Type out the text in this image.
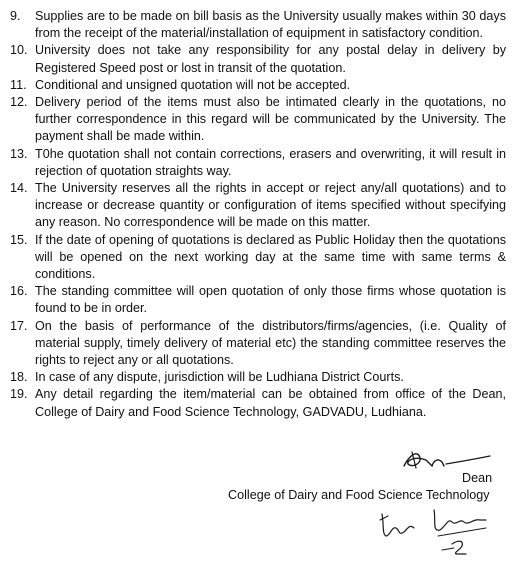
9.	Supplies are to be made on bill basis as the University usually makes within 30 days from the receipt of the material/installation of equipment in satisfactory condition.
10. University does not take any responsibility for any postal delay in delivery by Registered Speed post or lost in transit of the quotation.
11. Conditional and unsigned quotation will not be accepted.
12. Delivery period of the items must also be intimated clearly in the quotations, no further correspondence in this regard will be communicated by the University. The payment shall be made within.
13. T0he quotation shall not contain corrections, erasers and overwriting, it will result in rejection of quotation straights way.
14. The University reserves all the rights in accept or reject any/all quotations) and to increase or decrease quantity or configuration of items specified without specifying any reason. No correspondence will be made on this matter.
15. If the date of opening of quotations is declared as Public Holiday then the quotations will be opened on the next working day at the same time with same terms & conditions.
16. The standing committee will open quotation of only those firms whose quotation is found to be in order.
17. On the basis of performance of the distributors/firms/agencies, (i.e. Quality of material supply, timely delivery of material etc) the standing committee reserves the rights to reject any or all quotations.
18. In case of any dispute, jurisdiction will be Ludhiana District Courts.
19. Any detail regarding the item/material can be obtained from office of the Dean, College of Dairy and Food Science Technology, GADVADU, Ludhiana.
Dean
College of Dairy and Food Science Technology
